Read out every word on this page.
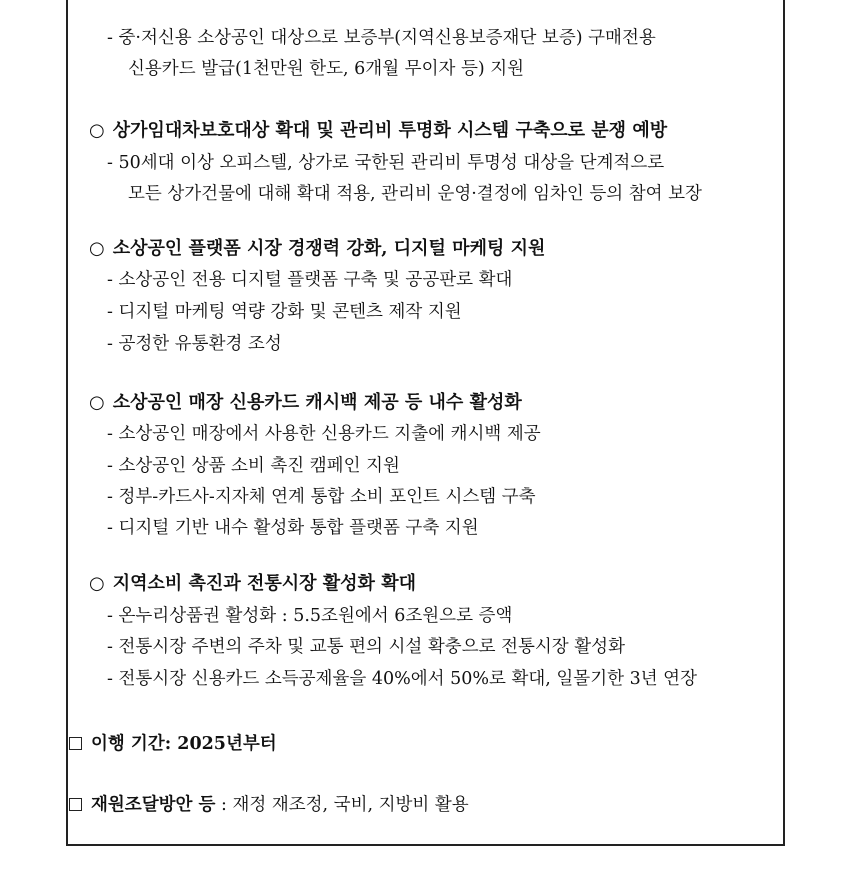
- 중·저신용 소상공인 대상으로 보증부(지역신용보증재단 보증) 구매전용
신용카드 발급(1천만원 한도, 6개월 무이자 등) 지원
○ 상가임대차보호대상 확대 및 관리비 투명화 시스템 구축으로 분쟁 예방
- 50세대 이상 오피스텔, 상가로 국한된 관리비 투명성 대상을 단계적으로
모든 상가건물에 대해 확대 적용, 관리비 운영·결정에 임차인 등의 참여 보장
○ 소상공인 플랫폼 시장 경쟁력 강화, 디지털 마케팅 지원
- 소상공인 전용 디지털 플랫폼 구축 및 공공판로 확대
- 디지털 마케팅 역량 강화 및 콘텐츠 제작 지원
- 공정한 유통환경 조성
○ 소상공인 매장 신용카드 캐시백 제공 등 내수 활성화
- 소상공인 매장에서 사용한 신용카드 지출에 캐시백 제공
- 소상공인 상품 소비 촉진 캠페인 지원
- 정부-카드사-지자체 연계 통합 소비 포인트 시스템 구축
- 디지털 기반 내수 활성화 통합 플랫폼 구축 지원
○ 지역소비 촉진과 전통시장 활성화 확대
- 온누리상품권 활성화 : 5.5조원에서 6조원으로 증액
- 전통시장 주변의 주차 및 교통 편의 시설 확충으로 전통시장 활성화
- 전통시장 신용카드 소득공제율을 40%에서 50%로 확대, 일몰기한 3년 연장
이행 기간: 2025년부터
재원조달방안 등 : 재정 재조정, 국비, 지방비 활용
